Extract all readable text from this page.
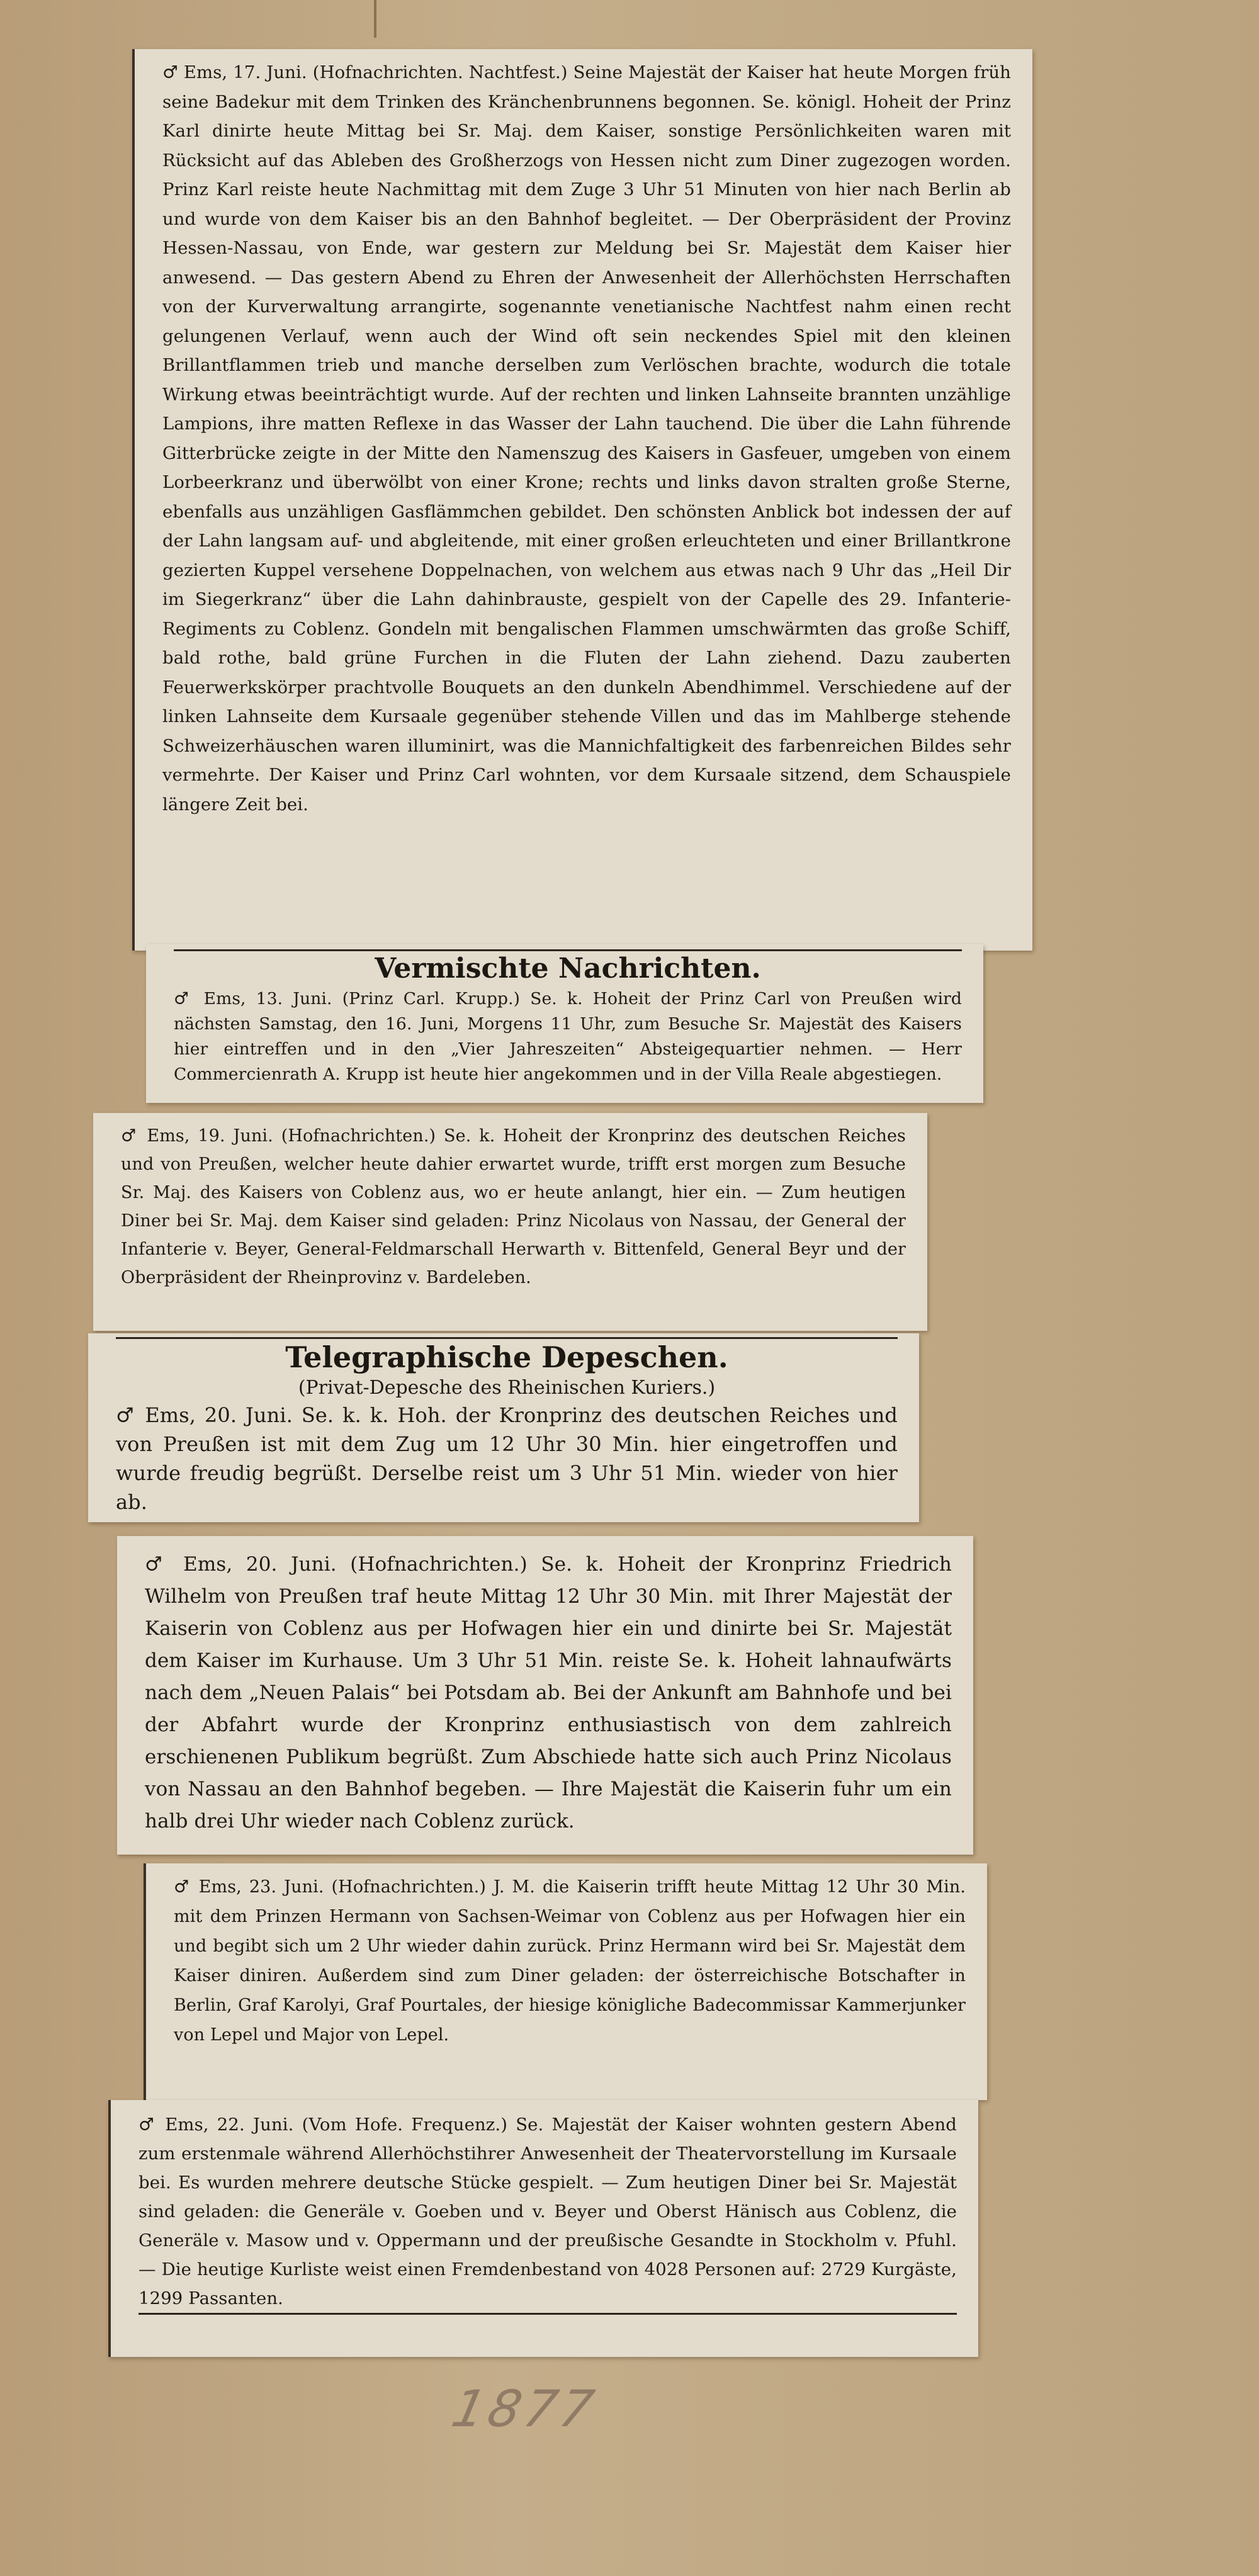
♂ Ems, 17. Juni. (Hofnachrichten. Nachtfest.) Seine Majestät der Kaiser hat heute Morgen früh seine Badekur mit dem Trinken des Kränchenbrunnens begonnen. Se. königl. Hoheit der Prinz Karl dinirte heute Mittag bei Sr. Maj. dem Kaiser, sonstige Persönlichkeiten waren mit Rücksicht auf das Ableben des Großherzogs von Hessen nicht zum Diner zugezogen worden. Prinz Karl reiste heute Nachmittag mit dem Zuge 3 Uhr 51 Minuten von hier nach Berlin ab und wurde von dem Kaiser bis an den Bahnhof begleitet. — Der Oberpräsident der Provinz Hessen-Nassau, von Ende, war gestern zur Meldung bei Sr. Majestät dem Kaiser hier anwesend. — Das gestern Abend zu Ehren der Anwesenheit der Allerhöchsten Herrschaften von der Kurverwaltung arrangirte, sogenannte venetianische Nachtfest nahm einen recht gelungenen Verlauf, wenn auch der Wind oft sein neckendes Spiel mit den kleinen Brillantflammen trieb und manche derselben zum Verlöschen brachte, wodurch die totale Wirkung etwas beeinträchtigt wurde. Auf der rechten und linken Lahnseite brannten unzählige Lampions, ihre matten Reflexe in das Wasser der Lahn tauchend. Die über die Lahn führende Gitterbrücke zeigte in der Mitte den Namenszug des Kaisers in Gasfeuer, umgeben von einem Lorbeerkranz und überwölbt von einer Krone; rechts und links davon stralten große Sterne, ebenfalls aus unzähligen Gasflämmchen gebildet. Den schönsten Anblick bot indessen der auf der Lahn langsam auf- und abgleitende, mit einer großen erleuchteten und einer Brillantkrone gezierten Kuppel versehene Doppelnachen, von welchem aus etwas nach 9 Uhr das „Heil Dir im Siegerkranz“ über die Lahn dahinbrauste, gespielt von der Capelle des 29. Infanterie-Regiments zu Coblenz. Gondeln mit bengalischen Flammen umschwärmten das große Schiff, bald rothe, bald grüne Furchen in die Fluten der Lahn ziehend. Dazu zauberten Feuerwerkskörper prachtvolle Bouquets an den dunkeln Abendhimmel. Verschiedene auf der linken Lahnseite dem Kursaale gegenüber stehende Villen und das im Mahlberge stehende Schweizerhäuschen waren illuminirt, was die Mannichfaltigkeit des farbenreichen Bildes sehr vermehrte. Der Kaiser und Prinz Carl wohnten, vor dem Kursaale sitzend, dem Schauspiele längere Zeit bei.

Vermischte Nachrichten.

♂ Ems, 13. Juni. (Prinz Carl. Krupp.) Se. k. Hoheit der Prinz Carl von Preußen wird nächsten Samstag, den 16. Juni, Morgens 11 Uhr, zum Besuche Sr. Majestät des Kaisers hier eintreffen und in den „Vier Jahreszeiten“ Absteigequartier nehmen. — Herr Commercienrath A. Krupp ist heute hier angekommen und in der Villa Reale abgestiegen.

♂ Ems, 19. Juni. (Hofnachrichten.) Se. k. Hoheit der Kronprinz des deutschen Reiches und von Preußen, welcher heute dahier erwartet wurde, trifft erst morgen zum Besuche Sr. Maj. des Kaisers von Coblenz aus, wo er heute anlangt, hier ein. — Zum heutigen Diner bei Sr. Maj. dem Kaiser sind geladen: Prinz Nicolaus von Nassau, der General der Infanterie v. Beyer, General-Feldmarschall Herwarth v. Bittenfeld, General Beyr und der Oberpräsident der Rheinprovinz v. Bardeleben.

Telegraphische Depeschen.
(Privat-Depesche des Rheinischen Kuriers.)

♂ Ems, 20. Juni. Se. k. k. Hoh. der Kronprinz des deutschen Reiches und von Preußen ist mit dem Zug um 12 Uhr 30 Min. hier eingetroffen und wurde freudig begrüßt. Derselbe reist um 3 Uhr 51 Min. wieder von hier ab.

♂ Ems, 20. Juni. (Hofnachrichten.) Se. k. Hoheit der Kronprinz Friedrich Wilhelm von Preußen traf heute Mittag 12 Uhr 30 Min. mit Ihrer Majestät der Kaiserin von Coblenz aus per Hofwagen hier ein und dinirte bei Sr. Majestät dem Kaiser im Kurhause. Um 3 Uhr 51 Min. reiste Se. k. Hoheit lahnaufwärts nach dem „Neuen Palais“ bei Potsdam ab. Bei der Ankunft am Bahnhofe und bei der Abfahrt wurde der Kronprinz enthusiastisch von dem zahlreich erschienenen Publikum begrüßt. Zum Abschiede hatte sich auch Prinz Nicolaus von Nassau an den Bahnhof begeben. — Ihre Majestät die Kaiserin fuhr um ein halb drei Uhr wieder nach Coblenz zurück.

♂ Ems, 23. Juni. (Hofnachrichten.) J. M. die Kaiserin trifft heute Mittag 12 Uhr 30 Min. mit dem Prinzen Hermann von Sachsen-Weimar von Coblenz aus per Hofwagen hier ein und begibt sich um 2 Uhr wieder dahin zurück. Prinz Hermann wird bei Sr. Majestät dem Kaiser diniren. Außerdem sind zum Diner geladen: der österreichische Botschafter in Berlin, Graf Karolyi, Graf Pourtales, der hiesige königliche Badecommissar Kammerjunker von Lepel und Major von Lepel.

♂ Ems, 22. Juni. (Vom Hofe. Frequenz.) Se. Majestät der Kaiser wohnten gestern Abend zum erstenmale während Allerhöchstihrer Anwesenheit der Theatervorstellung im Kursaale bei. Es wurden mehrere deutsche Stücke gespielt. — Zum heutigen Diner bei Sr. Majestät sind geladen: die Generäle v. Goeben und v. Beyer und Oberst Hänisch aus Coblenz, die Generäle v. Masow und v. Oppermann und der preußische Gesandte in Stockholm v. Pfuhl. — Die heutige Kurliste weist einen Fremdenbestand von 4028 Personen auf: 2729 Kurgäste, 1299 Passanten.

1877
